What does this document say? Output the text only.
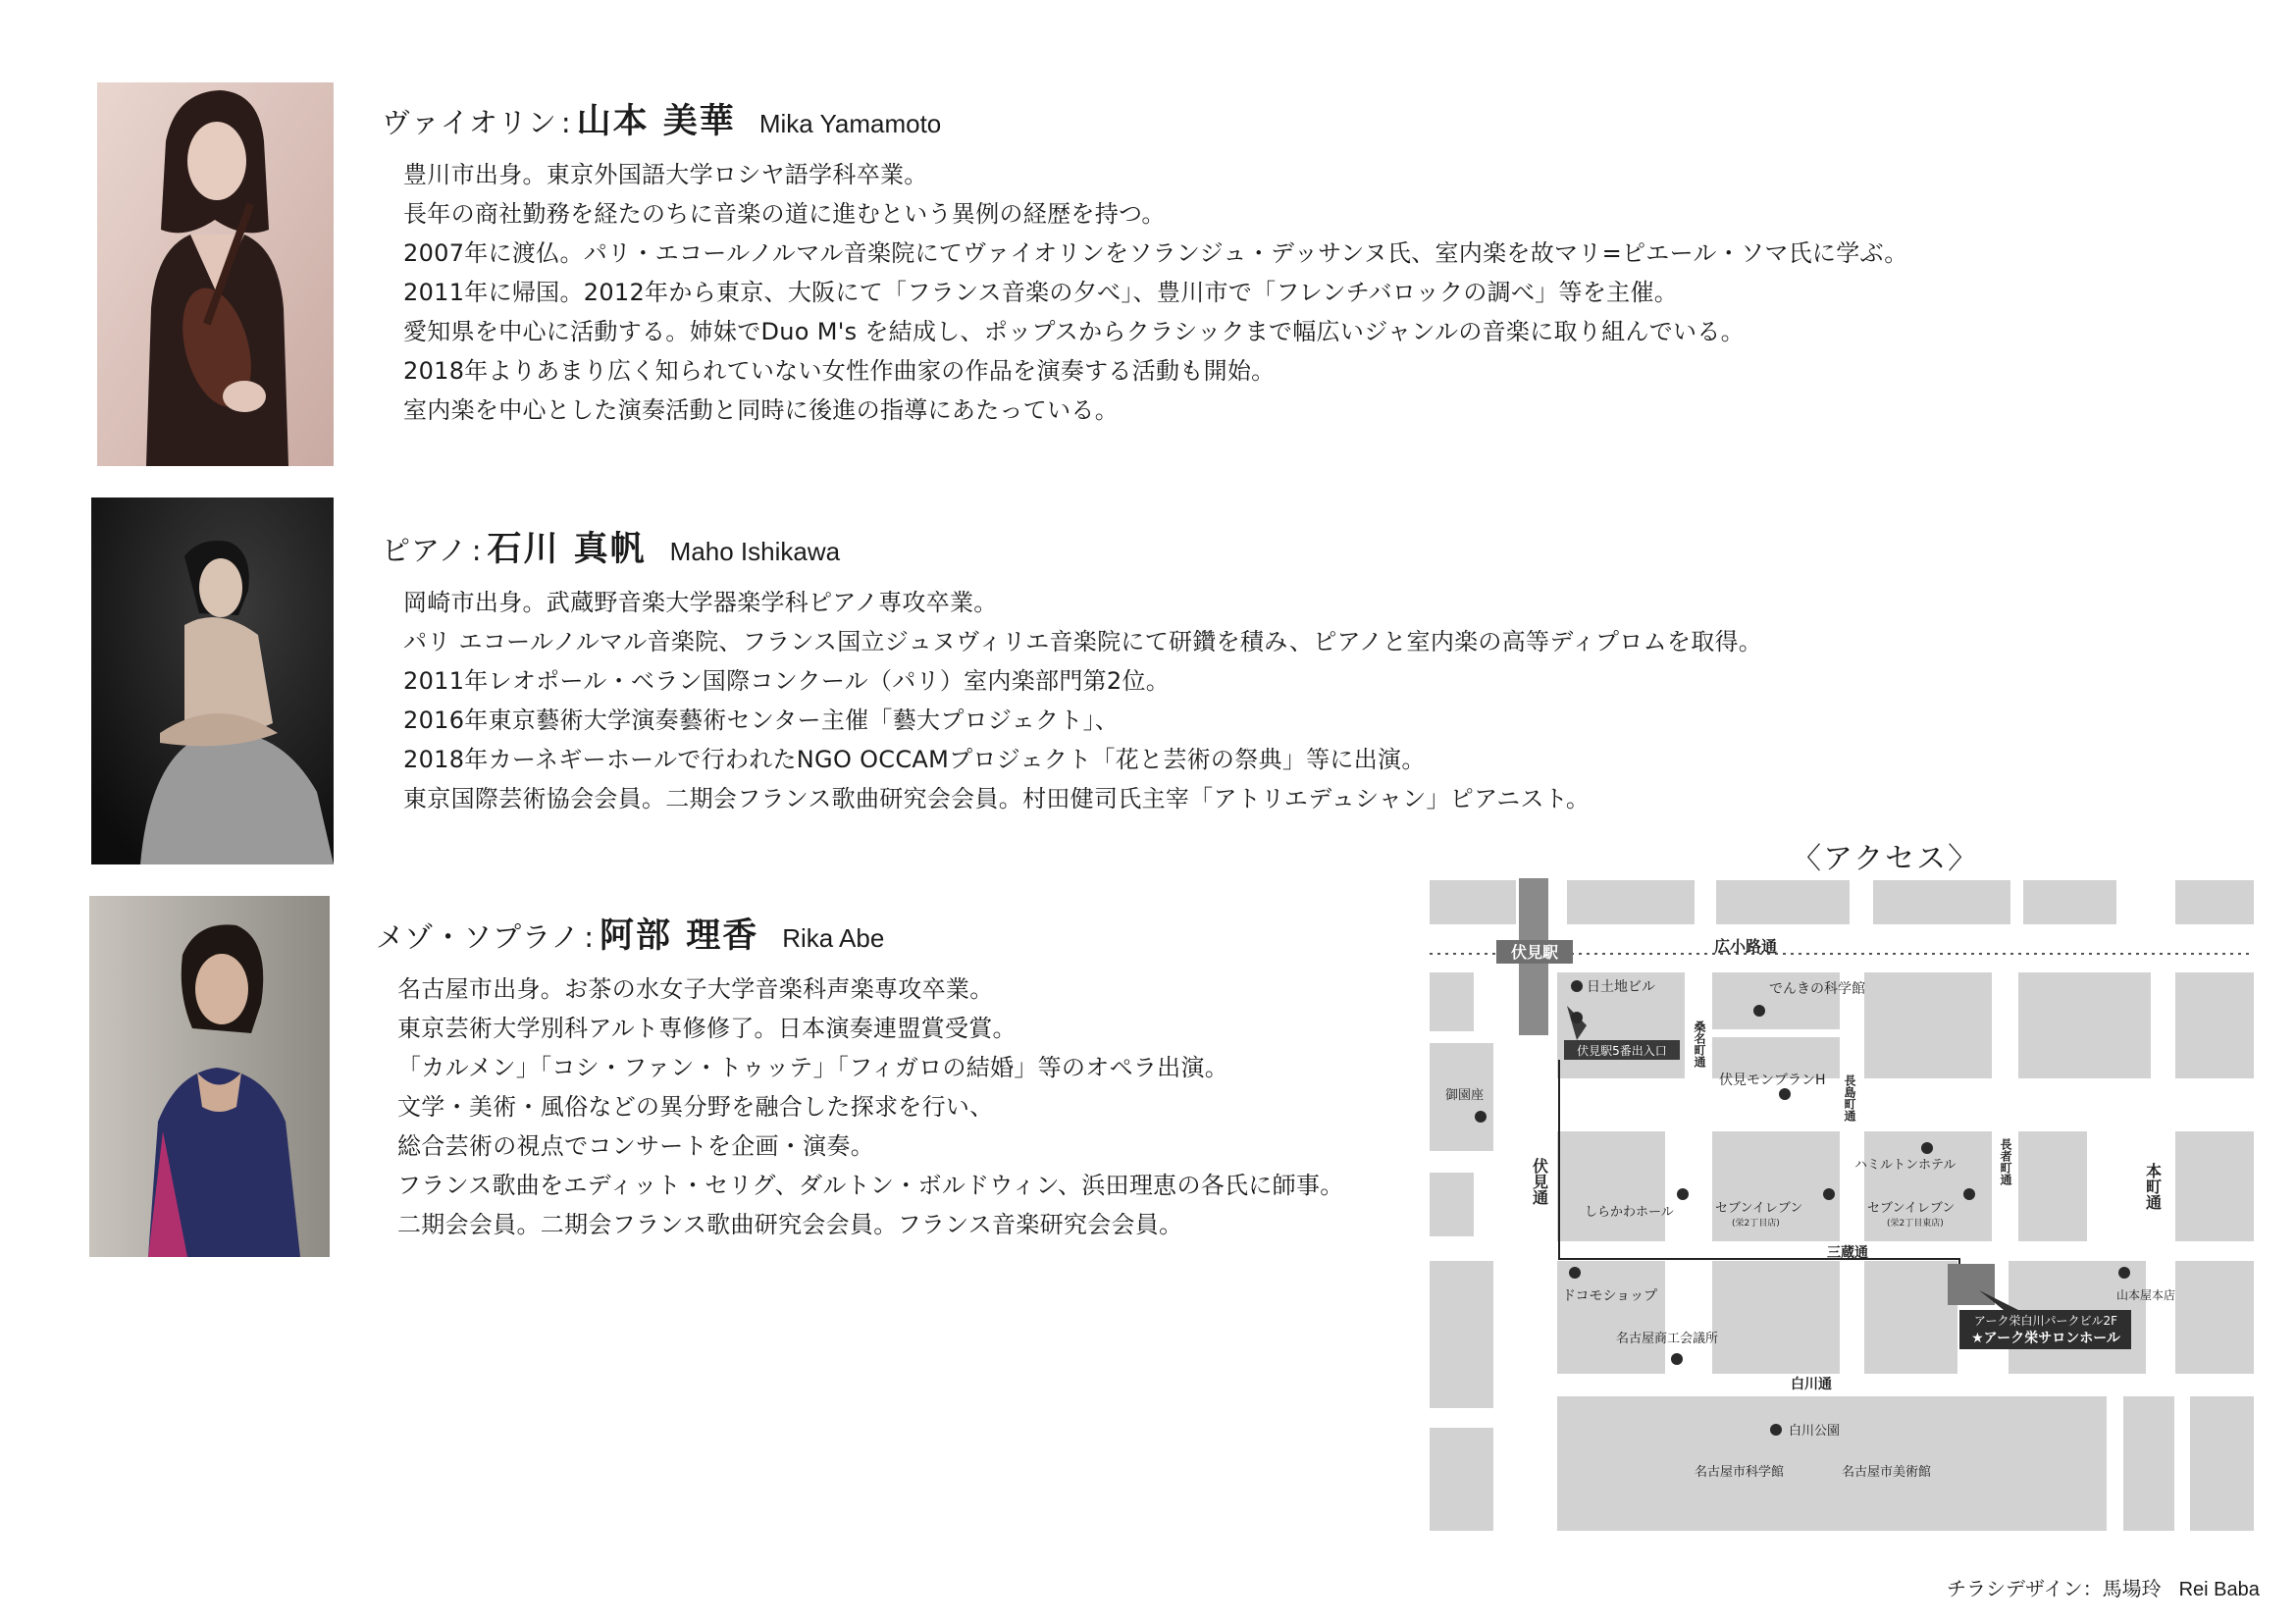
ヴァイオリン : 山本 美華 Mika Yamamoto
豊川市出身。東京外国語大学ロシヤ語学科卒業。
長年の商社勤務を経たのちに音楽の道に進むという異例の経歴を持つ。
2007年に渡仏。パリ・エコールノルマル音楽院にてヴァイオリンをソランジュ・デッサンヌ氏、室内楽を故マリ=ピエール・ソマ氏に学ぶ。
2011年に帰国。2012年から東京、大阪にて「フランス音楽の夕べ」、豊川市で「フレンチバロックの調べ」等を主催。
愛知県を中心に活動する。姉妹でDuo M's を結成し、ポップスからクラシックまで幅広いジャンルの音楽に取り組んでいる。
2018年よりあまり広く知られていない女性作曲家の作品を演奏する活動も開始。
室内楽を中心とした演奏活動と同時に後進の指導にあたっている。
ピアノ : 石川 真帆 Maho Ishikawa
岡崎市出身。武蔵野音楽大学器楽学科ピアノ専攻卒業。
パリ エコールノルマル音楽院、フランス国立ジュヌヴィリエ音楽院にて研鑽を積み、ピアノと室内楽の高等ディプロムを取得。
2011年レオポール・ベラン国際コンクール（パリ）室内楽部門第2位。
2016年東京藝術大学演奏藝術センター主催「藝大プロジェクト」、
2018年カーネギーホールで行われたNGO OCCAMプロジェクト「花と芸術の祭典」等に出演。
東京国際芸術協会会員。二期会フランス歌曲研究会会員。村田健司氏主宰「アトリエデュシャン」ピアニスト。
メゾ・ソプラノ : 阿部 理香 Rika Abe
名古屋市出身。お茶の水女子大学音楽科声楽専攻卒業。
東京芸術大学別科アルト専修修了。日本演奏連盟賞受賞。
「カルメン」「コシ・ファン・トゥッテ」「フィガロの結婚」等のオペラ出演。
文学・美術・風俗などの異分野を融合した探求を行い、
総合芸術の視点でコンサートを企画・演奏。
フランス歌曲をエディット・セリグ、ダルトン・ボルドウィン、浜田理恵の各氏に師事。
二期会会員。二期会フランス歌曲研究会会員。フランス音楽研究会会員。
〈アクセス〉
伏見駅
伏見駅5番出入口
アーク栄白川パークビル2F
★アーク栄サロンホール
日土地ビル	でんきの科学館
広小路通
伏見モンブランH
御園座
ハミルトンホテル
しらかわホール	セブンイレブン
(栄2丁目店)
セブンイレブン
(栄2丁目東店)
三蔵通
ドコモショップ	山本屋本店
名古屋商工会議所
白川通
白川公園
名古屋市科学館	名古屋市美術館
桑名町通
長島町通
長者町通
伏見通	本町通
チラシデザイン：馬場玲 Rei Baba
